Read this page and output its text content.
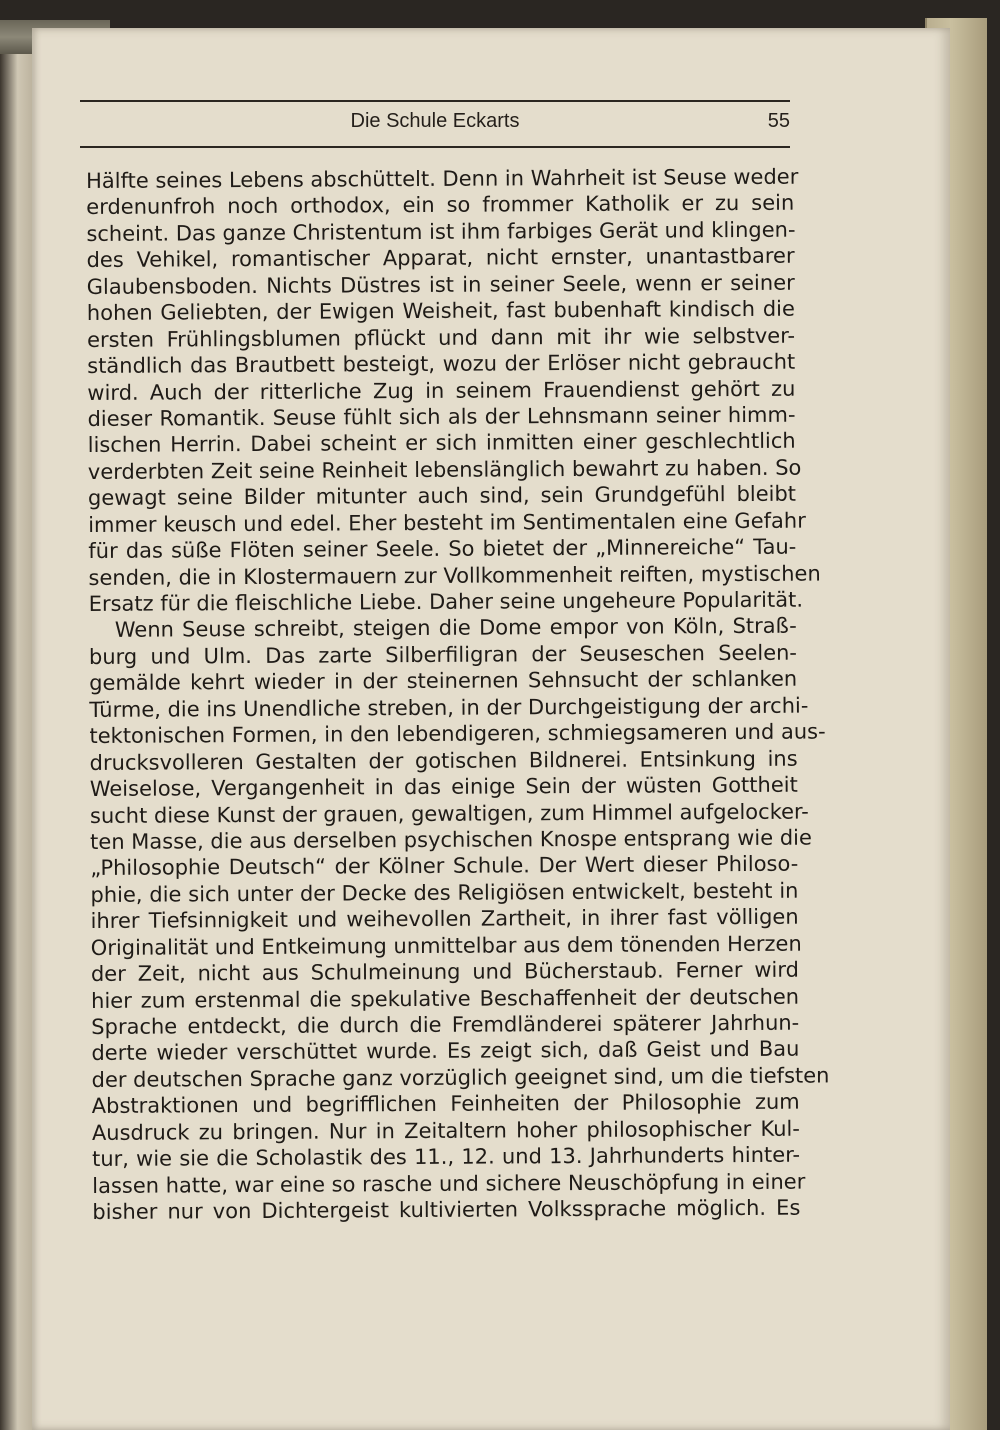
Die Schule Eckarts	55
Hälfte seines Lebens abschüttelt. Denn in Wahrheit ist Seuse weder
erdenunfroh noch orthodox, ein so frommer Katholik er zu sein
scheint. Das ganze Christentum ist ihm farbiges Gerät und klingen-
des Vehikel, romantischer Apparat, nicht ernster, unantastbarer
Glaubensboden. Nichts Düstres ist in seiner Seele, wenn er seiner
hohen Geliebten, der Ewigen Weisheit, fast bubenhaft kindisch die
ersten Frühlingsblumen pflückt und dann mit ihr wie selbstver-
ständlich das Brautbett besteigt, wozu der Erlöser nicht gebraucht
wird. Auch der ritterliche Zug in seinem Frauendienst gehört zu
dieser Romantik. Seuse fühlt sich als der Lehnsmann seiner himm-
lischen Herrin. Dabei scheint er sich inmitten einer geschlechtlich
verderbten Zeit seine Reinheit lebenslänglich bewahrt zu haben. So
gewagt seine Bilder mitunter auch sind, sein Grundgefühl bleibt
immer keusch und edel. Eher besteht im Sentimentalen eine Gefahr
für das süße Flöten seiner Seele. So bietet der „Minnereiche“ Tau-
senden, die in Klostermauern zur Vollkommenheit reiften, mystischen
Ersatz für die fleischliche Liebe. Daher seine ungeheure Popularität.
Wenn Seuse schreibt, steigen die Dome empor von Köln, Straß-
burg und Ulm. Das zarte Silberfiligran der Seuseschen Seelen-
gemälde kehrt wieder in der steinernen Sehnsucht der schlanken
Türme, die ins Unendliche streben, in der Durchgeistigung der archi-
tektonischen Formen, in den lebendigeren, schmiegsameren und aus-
drucksvolleren Gestalten der gotischen Bildnerei. Entsinkung ins
Weiselose, Vergangenheit in das einige Sein der wüsten Gottheit
sucht diese Kunst der grauen, gewaltigen, zum Himmel aufgelocker-
ten Masse, die aus derselben psychischen Knospe entsprang wie die
„Philosophie Deutsch“ der Kölner Schule. Der Wert dieser Philoso-
phie, die sich unter der Decke des Religiösen entwickelt, besteht in
ihrer Tiefsinnigkeit und weihevollen Zartheit, in ihrer fast völligen
Originalität und Entkeimung unmittelbar aus dem tönenden Herzen
der Zeit, nicht aus Schulmeinung und Bücherstaub. Ferner wird
hier zum erstenmal die spekulative Beschaffenheit der deutschen
Sprache entdeckt, die durch die Fremdländerei späterer Jahrhun-
derte wieder verschüttet wurde. Es zeigt sich, daß Geist und Bau
der deutschen Sprache ganz vorzüglich geeignet sind, um die tiefsten
Abstraktionen und begrifflichen Feinheiten der Philosophie zum
Ausdruck zu bringen. Nur in Zeitaltern hoher philosophischer Kul-
tur, wie sie die Scholastik des 11., 12. und 13. Jahrhunderts hinter-
lassen hatte, war eine so rasche und sichere Neuschöpfung in einer
bisher nur von Dichtergeist kultivierten Volkssprache möglich. Es
